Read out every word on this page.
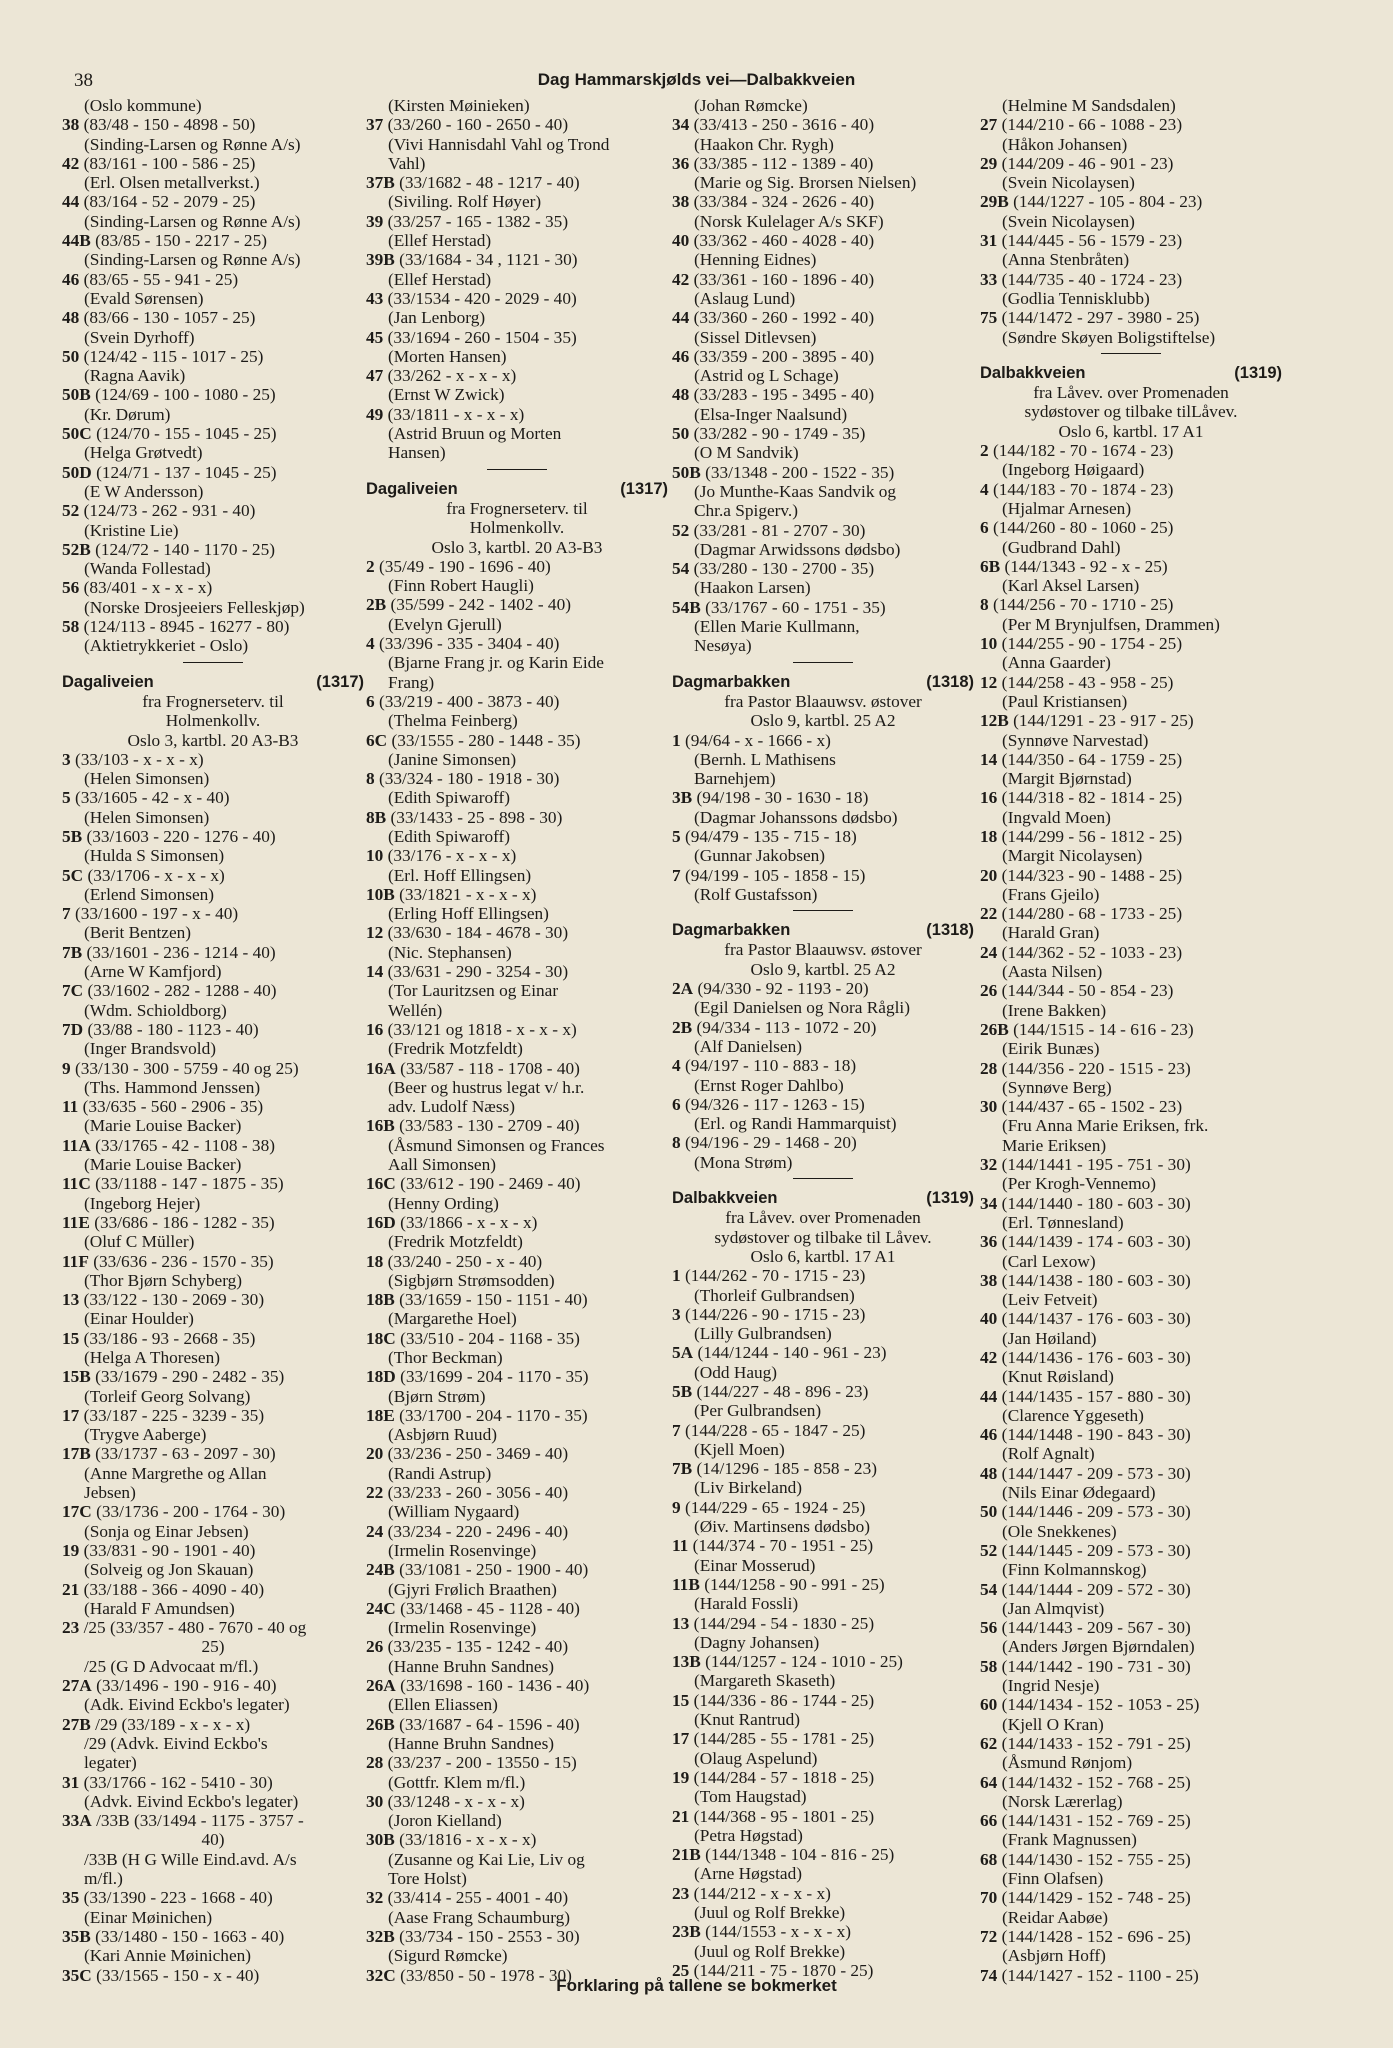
38	Dag Hammarskjølds vei—Dalbakkveien
(Oslo kommune)
38 (83/48 - 150 - 4898 - 50)
(Sinding-Larsen og Rønne A/s)
42 (83/161 - 100 - 586 - 25)
(Erl. Olsen metallverkst.)
44 (83/164 - 52 - 2079 - 25)
(Sinding-Larsen og Rønne A/s)
44B (83/85 - 150 - 2217 - 25)
(Sinding-Larsen og Rønne A/s)
46 (83/65 - 55 - 941 - 25)
(Evald Sørensen)
48 (83/66 - 130 - 1057 - 25)
(Svein Dyrhoff)
50 (124/42 - 115 - 1017 - 25)
(Ragna Aavik)
50B (124/69 - 100 - 1080 - 25)
(Kr. Dørum)
50C (124/70 - 155 - 1045 - 25)
(Helga Grøtvedt)
50D (124/71 - 137 - 1045 - 25)
(E W Andersson)
52 (124/73 - 262 - 931 - 40)
(Kristine Lie)
52B (124/72 - 140 - 1170 - 25)
(Wanda Follestad)
56 (83/401 - x - x - x)
(Norske Drosjeeiers Felleskjøp)
58 (124/113 - 8945 - 16277 - 80)
(Aktietrykkeriet - Oslo)
Dagaliveien	(1317)
fra Frognerseterv. til
Holmenkollv.
Oslo 3, kartbl. 20 A3-B3
3 (33/103 - x - x - x)
(Helen Simonsen)
5 (33/1605 - 42 - x - 40)
(Helen Simonsen)
5B (33/1603 - 220 - 1276 - 40)
(Hulda S Simonsen)
5C (33/1706 - x - x - x)
(Erlend Simonsen)
7 (33/1600 - 197 - x - 40)
(Berit Bentzen)
7B (33/1601 - 236 - 1214 - 40)
(Arne W Kamfjord)
7C (33/1602 - 282 - 1288 - 40)
(Wdm. Schioldborg)
7D (33/88 - 180 - 1123 - 40)
(Inger Brandsvold)
9 (33/130 - 300 - 5759 - 40 og 25)
(Ths. Hammond Jenssen)
11 (33/635 - 560 - 2906 - 35)
(Marie Louise Backer)
11A (33/1765 - 42 - 1108 - 38)
(Marie Louise Backer)
11C (33/1188 - 147 - 1875 - 35)
(Ingeborg Hejer)
11E (33/686 - 186 - 1282 - 35)
(Oluf C Müller)
11F (33/636 - 236 - 1570 - 35)
(Thor Bjørn Schyberg)
13 (33/122 - 130 - 2069 - 30)
(Einar Houlder)
15 (33/186 - 93 - 2668 - 35)
(Helga A Thoresen)
15B (33/1679 - 290 - 2482 - 35)
(Torleif Georg Solvang)
17 (33/187 - 225 - 3239 - 35)
(Trygve Aaberge)
17B (33/1737 - 63 - 2097 - 30)
(Anne Margrethe og Allan
Jebsen)
17C (33/1736 - 200 - 1764 - 30)
(Sonja og Einar Jebsen)
19 (33/831 - 90 - 1901 - 40)
(Solveig og Jon Skauan)
21 (33/188 - 366 - 4090 - 40)
(Harald F Amundsen)
23 /25 (33/357 - 480 - 7670 - 40 og
25)
/25 (G D Advocaat m/fl.)
27A (33/1496 - 190 - 916 - 40)
(Adk. Eivind Eckbo's legater)
27B /29 (33/189 - x - x - x)
/29 (Advk. Eivind Eckbo's
legater)
31 (33/1766 - 162 - 5410 - 30)
(Advk. Eivind Eckbo's legater)
33A /33B (33/1494 - 1175 - 3757 -
40)
/33B (H G Wille Eind.avd. A/s
m/fl.)
35 (33/1390 - 223 - 1668 - 40)
(Einar Møinichen)
35B (33/1480 - 150 - 1663 - 40)
(Kari Annie Møinichen)
35C (33/1565 - 150 - x - 40)
(Kirsten Møinieken)
37 (33/260 - 160 - 2650 - 40)
(Vivi Hannisdahl Vahl og Trond
Vahl)
37B (33/1682 - 48 - 1217 - 40)
(Siviling. Rolf Høyer)
39 (33/257 - 165 - 1382 - 35)
(Ellef Herstad)
39B (33/1684 - 34 , 1121 - 30)
(Ellef Herstad)
43 (33/1534 - 420 - 2029 - 40)
(Jan Lenborg)
45 (33/1694 - 260 - 1504 - 35)
(Morten Hansen)
47 (33/262 - x - x - x)
(Ernst W Zwick)
49 (33/1811 - x - x - x)
(Astrid Bruun og Morten
Hansen)
Dagaliveien	(1317)
fra Frognerseterv. til
Holmenkollv.
Oslo 3, kartbl. 20 A3-B3
2 (35/49 - 190 - 1696 - 40)
(Finn Robert Haugli)
2B (35/599 - 242 - 1402 - 40)
(Evelyn Gjerull)
4 (33/396 - 335 - 3404 - 40)
(Bjarne Frang jr. og Karin Eide
Frang)
6 (33/219 - 400 - 3873 - 40)
(Thelma Feinberg)
6C (33/1555 - 280 - 1448 - 35)
(Janine Simonsen)
8 (33/324 - 180 - 1918 - 30)
(Edith Spiwaroff)
8B (33/1433 - 25 - 898 - 30)
(Edith Spiwaroff)
10 (33/176 - x - x - x)
(Erl. Hoff Ellingsen)
10B (33/1821 - x - x - x)
(Erling Hoff Ellingsen)
12 (33/630 - 184 - 4678 - 30)
(Nic. Stephansen)
14 (33/631 - 290 - 3254 - 30)
(Tor Lauritzsen og Einar
Wellén)
16 (33/121 og 1818 - x - x - x)
(Fredrik Motzfeldt)
16A (33/587 - 118 - 1708 - 40)
(Beer og hustrus legat v/ h.r.
adv. Ludolf Næss)
16B (33/583 - 130 - 2709 - 40)
(Åsmund Simonsen og Frances
Aall Simonsen)
16C (33/612 - 190 - 2469 - 40)
(Henny Ording)
16D (33/1866 - x - x - x)
(Fredrik Motzfeldt)
18 (33/240 - 250 - x - 40)
(Sigbjørn Strømsodden)
18B (33/1659 - 150 - 1151 - 40)
(Margarethe Hoel)
18C (33/510 - 204 - 1168 - 35)
(Thor Beckman)
18D (33/1699 - 204 - 1170 - 35)
(Bjørn Strøm)
18E (33/1700 - 204 - 1170 - 35)
(Asbjørn Ruud)
20 (33/236 - 250 - 3469 - 40)
(Randi Astrup)
22 (33/233 - 260 - 3056 - 40)
(William Nygaard)
24 (33/234 - 220 - 2496 - 40)
(Irmelin Rosenvinge)
24B (33/1081 - 250 - 1900 - 40)
(Gjyri Frølich Braathen)
24C (33/1468 - 45 - 1128 - 40)
(Irmelin Rosenvinge)
26 (33/235 - 135 - 1242 - 40)
(Hanne Bruhn Sandnes)
26A (33/1698 - 160 - 1436 - 40)
(Ellen Eliassen)
26B (33/1687 - 64 - 1596 - 40)
(Hanne Bruhn Sandnes)
28 (33/237 - 200 - 13550 - 15)
(Gottfr. Klem m/fl.)
30 (33/1248 - x - x - x)
(Joron Kielland)
30B (33/1816 - x - x - x)
(Zusanne og Kai Lie, Liv og
Tore Holst)
32 (33/414 - 255 - 4001 - 40)
(Aase Frang Schaumburg)
32B (33/734 - 150 - 2553 - 30)
(Sigurd Rømcke)
32C (33/850 - 50 - 1978 - 30)
(Johan Rømcke)
34 (33/413 - 250 - 3616 - 40)
(Haakon Chr. Rygh)
36 (33/385 - 112 - 1389 - 40)
(Marie og Sig. Brorsen Nielsen)
38 (33/384 - 324 - 2626 - 40)
(Norsk Kulelager A/s SKF)
40 (33/362 - 460 - 4028 - 40)
(Henning Eidnes)
42 (33/361 - 160 - 1896 - 40)
(Aslaug Lund)
44 (33/360 - 260 - 1992 - 40)
(Sissel Ditlevsen)
46 (33/359 - 200 - 3895 - 40)
(Astrid og L Schage)
48 (33/283 - 195 - 3495 - 40)
(Elsa-Inger Naalsund)
50 (33/282 - 90 - 1749 - 35)
(O M Sandvik)
50B (33/1348 - 200 - 1522 - 35)
(Jo Munthe-Kaas Sandvik og
Chr.a Spigerv.)
52 (33/281 - 81 - 2707 - 30)
(Dagmar Arwidssons dødsbo)
54 (33/280 - 130 - 2700 - 35)
(Haakon Larsen)
54B (33/1767 - 60 - 1751 - 35)
(Ellen Marie Kullmann,
Nesøya)
Dagmarbakken	(1318)
fra Pastor Blaauwsv. østover
Oslo 9, kartbl. 25 A2
1 (94/64 - x - 1666 - x)
(Bernh. L Mathisens
Barnehjem)
3B (94/198 - 30 - 1630 - 18)
(Dagmar Johanssons dødsbo)
5 (94/479 - 135 - 715 - 18)
(Gunnar Jakobsen)
7 (94/199 - 105 - 1858 - 15)
(Rolf Gustafsson)
Dagmarbakken	(1318)
fra Pastor Blaauwsv. østover
Oslo 9, kartbl. 25 A2
2A (94/330 - 92 - 1193 - 20)
(Egil Danielsen og Nora Rågli)
2B (94/334 - 113 - 1072 - 20)
(Alf Danielsen)
4 (94/197 - 110 - 883 - 18)
(Ernst Roger Dahlbo)
6 (94/326 - 117 - 1263 - 15)
(Erl. og Randi Hammarquist)
8 (94/196 - 29 - 1468 - 20)
(Mona Strøm)
Dalbakkveien	(1319)
fra Låvev. over Promenaden
sydøstover og tilbake til Låvev.
Oslo 6, kartbl. 17 A1
1 (144/262 - 70 - 1715 - 23)
(Thorleif Gulbrandsen)
3 (144/226 - 90 - 1715 - 23)
(Lilly Gulbrandsen)
5A (144/1244 - 140 - 961 - 23)
(Odd Haug)
5B (144/227 - 48 - 896 - 23)
(Per Gulbrandsen)
7 (144/228 - 65 - 1847 - 25)
(Kjell Moen)
7B (14/1296 - 185 - 858 - 23)
(Liv Birkeland)
9 (144/229 - 65 - 1924 - 25)
(Øiv. Martinsens dødsbo)
11 (144/374 - 70 - 1951 - 25)
(Einar Mosserud)
11B (144/1258 - 90 - 991 - 25)
(Harald Fossli)
13 (144/294 - 54 - 1830 - 25)
(Dagny Johansen)
13B (144/1257 - 124 - 1010 - 25)
(Margareth Skaseth)
15 (144/336 - 86 - 1744 - 25)
(Knut Rantrud)
17 (144/285 - 55 - 1781 - 25)
(Olaug Aspelund)
19 (144/284 - 57 - 1818 - 25)
(Tom Haugstad)
21 (144/368 - 95 - 1801 - 25)
(Petra Høgstad)
21B (144/1348 - 104 - 816 - 25)
(Arne Høgstad)
23 (144/212 - x - x - x)
(Juul og Rolf Brekke)
23B (144/1553 - x - x - x)
(Juul og Rolf Brekke)
25 (144/211 - 75 - 1870 - 25)
(Helmine M Sandsdalen)
27 (144/210 - 66 - 1088 - 23)
(Håkon Johansen)
29 (144/209 - 46 - 901 - 23)
(Svein Nicolaysen)
29B (144/1227 - 105 - 804 - 23)
(Svein Nicolaysen)
31 (144/445 - 56 - 1579 - 23)
(Anna Stenbråten)
33 (144/735 - 40 - 1724 - 23)
(Godlia Tennisklubb)
75 (144/1472 - 297 - 3980 - 25)
(Søndre Skøyen Boligstiftelse)
Dalbakkveien	(1319)
fra Låvev. over Promenaden
sydøstover og tilbake tilLåvev.
Oslo 6, kartbl. 17 A1
2 (144/182 - 70 - 1674 - 23)
(Ingeborg Høigaard)
4 (144/183 - 70 - 1874 - 23)
(Hjalmar Arnesen)
6 (144/260 - 80 - 1060 - 25)
(Gudbrand Dahl)
6B (144/1343 - 92 - x - 25)
(Karl Aksel Larsen)
8 (144/256 - 70 - 1710 - 25)
(Per M Brynjulfsen, Drammen)
10 (144/255 - 90 - 1754 - 25)
(Anna Gaarder)
12 (144/258 - 43 - 958 - 25)
(Paul Kristiansen)
12B (144/1291 - 23 - 917 - 25)
(Synnøve Narvestad)
14 (144/350 - 64 - 1759 - 25)
(Margit Bjørnstad)
16 (144/318 - 82 - 1814 - 25)
(Ingvald Moen)
18 (144/299 - 56 - 1812 - 25)
(Margit Nicolaysen)
20 (144/323 - 90 - 1488 - 25)
(Frans Gjeilo)
22 (144/280 - 68 - 1733 - 25)
(Harald Gran)
24 (144/362 - 52 - 1033 - 23)
(Aasta Nilsen)
26 (144/344 - 50 - 854 - 23)
(Irene Bakken)
26B (144/1515 - 14 - 616 - 23)
(Eirik Bunæs)
28 (144/356 - 220 - 1515 - 23)
(Synnøve Berg)
30 (144/437 - 65 - 1502 - 23)
(Fru Anna Marie Eriksen, frk.
Marie Eriksen)
32 (144/1441 - 195 - 751 - 30)
(Per Krogh-Vennemo)
34 (144/1440 - 180 - 603 - 30)
(Erl. Tønnesland)
36 (144/1439 - 174 - 603 - 30)
(Carl Lexow)
38 (144/1438 - 180 - 603 - 30)
(Leiv Fetveit)
40 (144/1437 - 176 - 603 - 30)
(Jan Høiland)
42 (144/1436 - 176 - 603 - 30)
(Knut Røisland)
44 (144/1435 - 157 - 880 - 30)
(Clarence Yggeseth)
46 (144/1448 - 190 - 843 - 30)
(Rolf Agnalt)
48 (144/1447 - 209 - 573 - 30)
(Nils Einar Ødegaard)
50 (144/1446 - 209 - 573 - 30)
(Ole Snekkenes)
52 (144/1445 - 209 - 573 - 30)
(Finn Kolmannskog)
54 (144/1444 - 209 - 572 - 30)
(Jan Almqvist)
56 (144/1443 - 209 - 567 - 30)
(Anders Jørgen Bjørndalen)
58 (144/1442 - 190 - 731 - 30)
(Ingrid Nesje)
60 (144/1434 - 152 - 1053 - 25)
(Kjell O Kran)
62 (144/1433 - 152 - 791 - 25)
(Åsmund Rønjom)
64 (144/1432 - 152 - 768 - 25)
(Norsk Lærerlag)
66 (144/1431 - 152 - 769 - 25)
(Frank Magnussen)
68 (144/1430 - 152 - 755 - 25)
(Finn Olafsen)
70 (144/1429 - 152 - 748 - 25)
(Reidar Aabøe)
72 (144/1428 - 152 - 696 - 25)
(Asbjørn Hoff)
74 (144/1427 - 152 - 1100 - 25)
Forklaring på tallene se bokmerket
